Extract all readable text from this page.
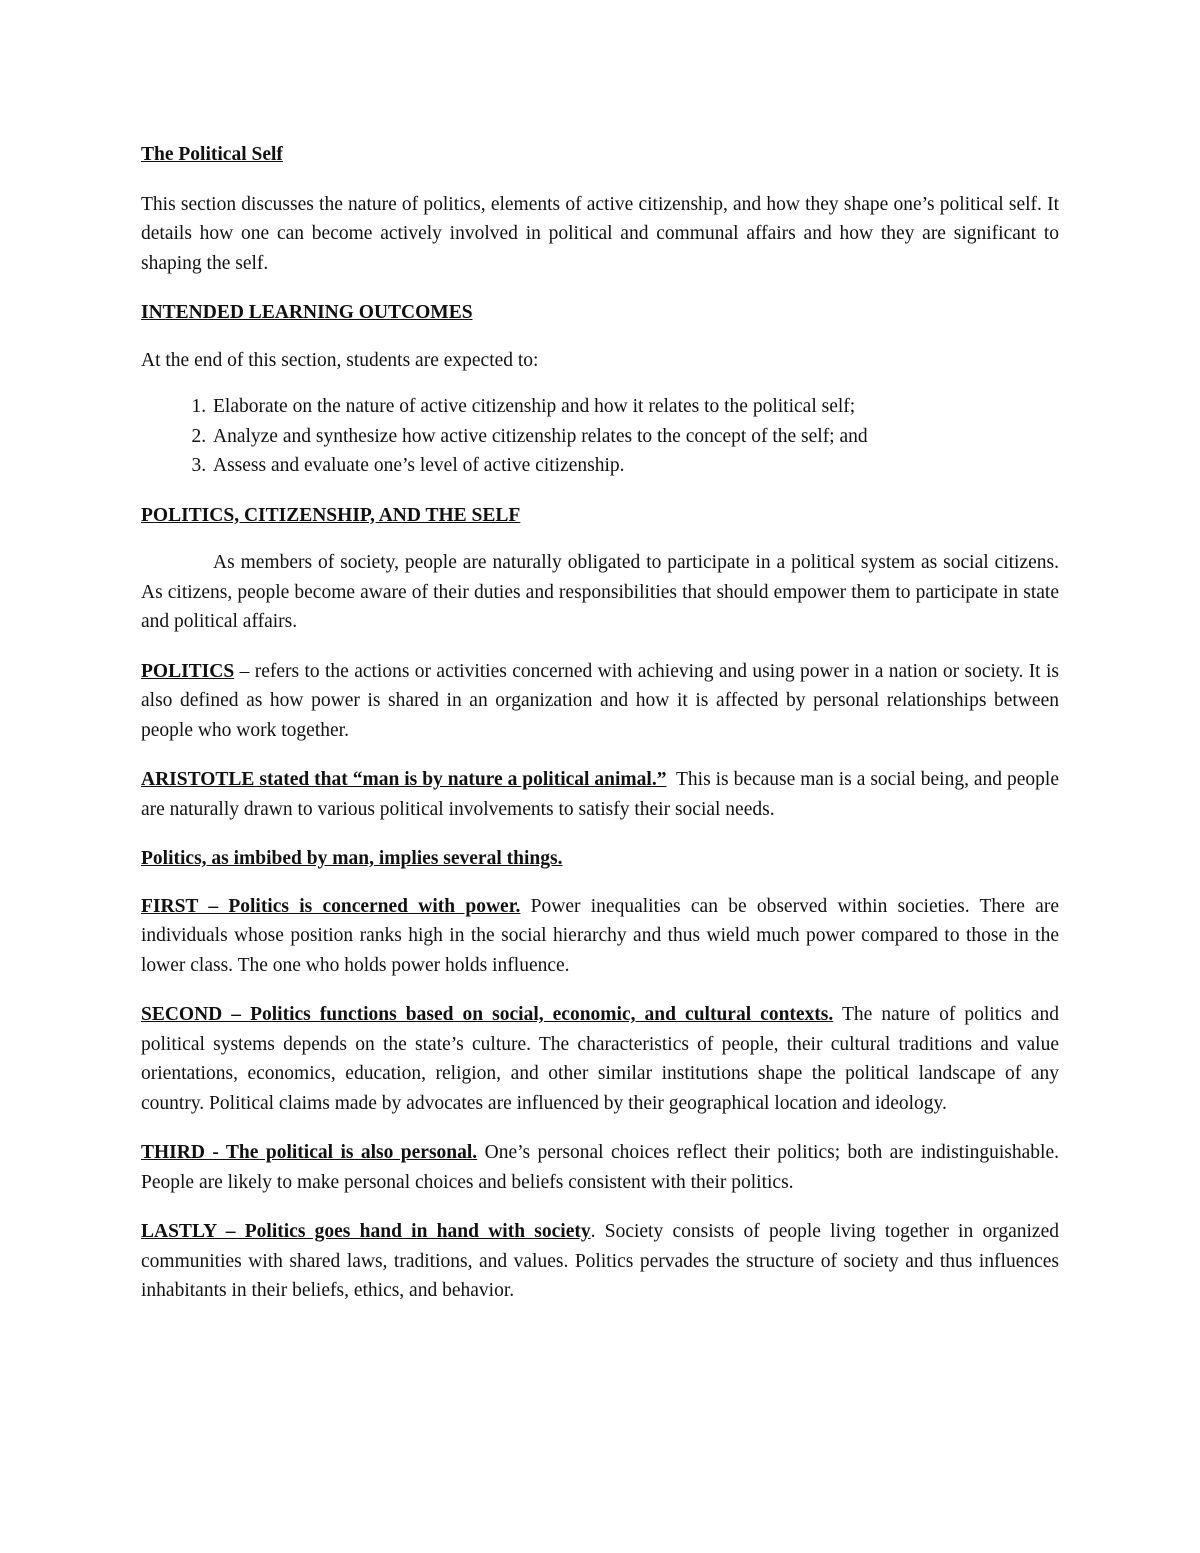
The Political Self

This section discusses the nature of politics, elements of active citizenship, and how they shape one’s political self. It details how one can become actively involved in political and communal affairs and how they are significant to shaping the self.

INTENDED LEARNING OUTCOMES
At the end of this section, students are expected to:
1. Elaborate on the nature of active citizenship and how it relates to the political self;
2. Analyze and synthesize how active citizenship relates to the concept of the self; and
3. Assess and evaluate one’s level of active citizenship.
POLITICS, CITIZENSHIP, AND THE SELF

As members of society, people are naturally obligated to participate in a political system as social citizens. As citizens, people become aware of their duties and responsibilities that should empower them to participate in state and political affairs.

POLITICS – refers to the actions or activities concerned with achieving and using power in a nation or society. It is also defined as how power is shared in an organization and how it is affected by personal relationships between people who work together.

ARISTOTLE stated that “man is by nature a political animal.”  This is because man is a social being, and people are naturally drawn to various political involvements to satisfy their social needs.

Politics, as imbibed by man, implies several things.

FIRST – Politics is concerned with power. Power inequalities can be observed within societies. There are individuals whose position ranks high in the social hierarchy and thus wield much power compared to those in the lower class. The one who holds power holds influence.

SECOND – Politics functions based on social, economic, and cultural contexts. The nature of politics and political systems depends on the state’s culture. The characteristics of people, their cultural traditions and value orientations, economics, education, religion, and other similar institutions shape the political landscape of any country. Political claims made by advocates are influenced by their geographical location and ideology.

THIRD - The political is also personal. One’s personal choices reflect their politics; both are indistinguishable. People are likely to make personal choices and beliefs consistent with their politics.

LASTLY – Politics goes hand in hand with society. Society consists of people living together in organized communities with shared laws, traditions, and values. Politics pervades the structure of society and thus influences inhabitants in their beliefs, ethics, and behavior.
